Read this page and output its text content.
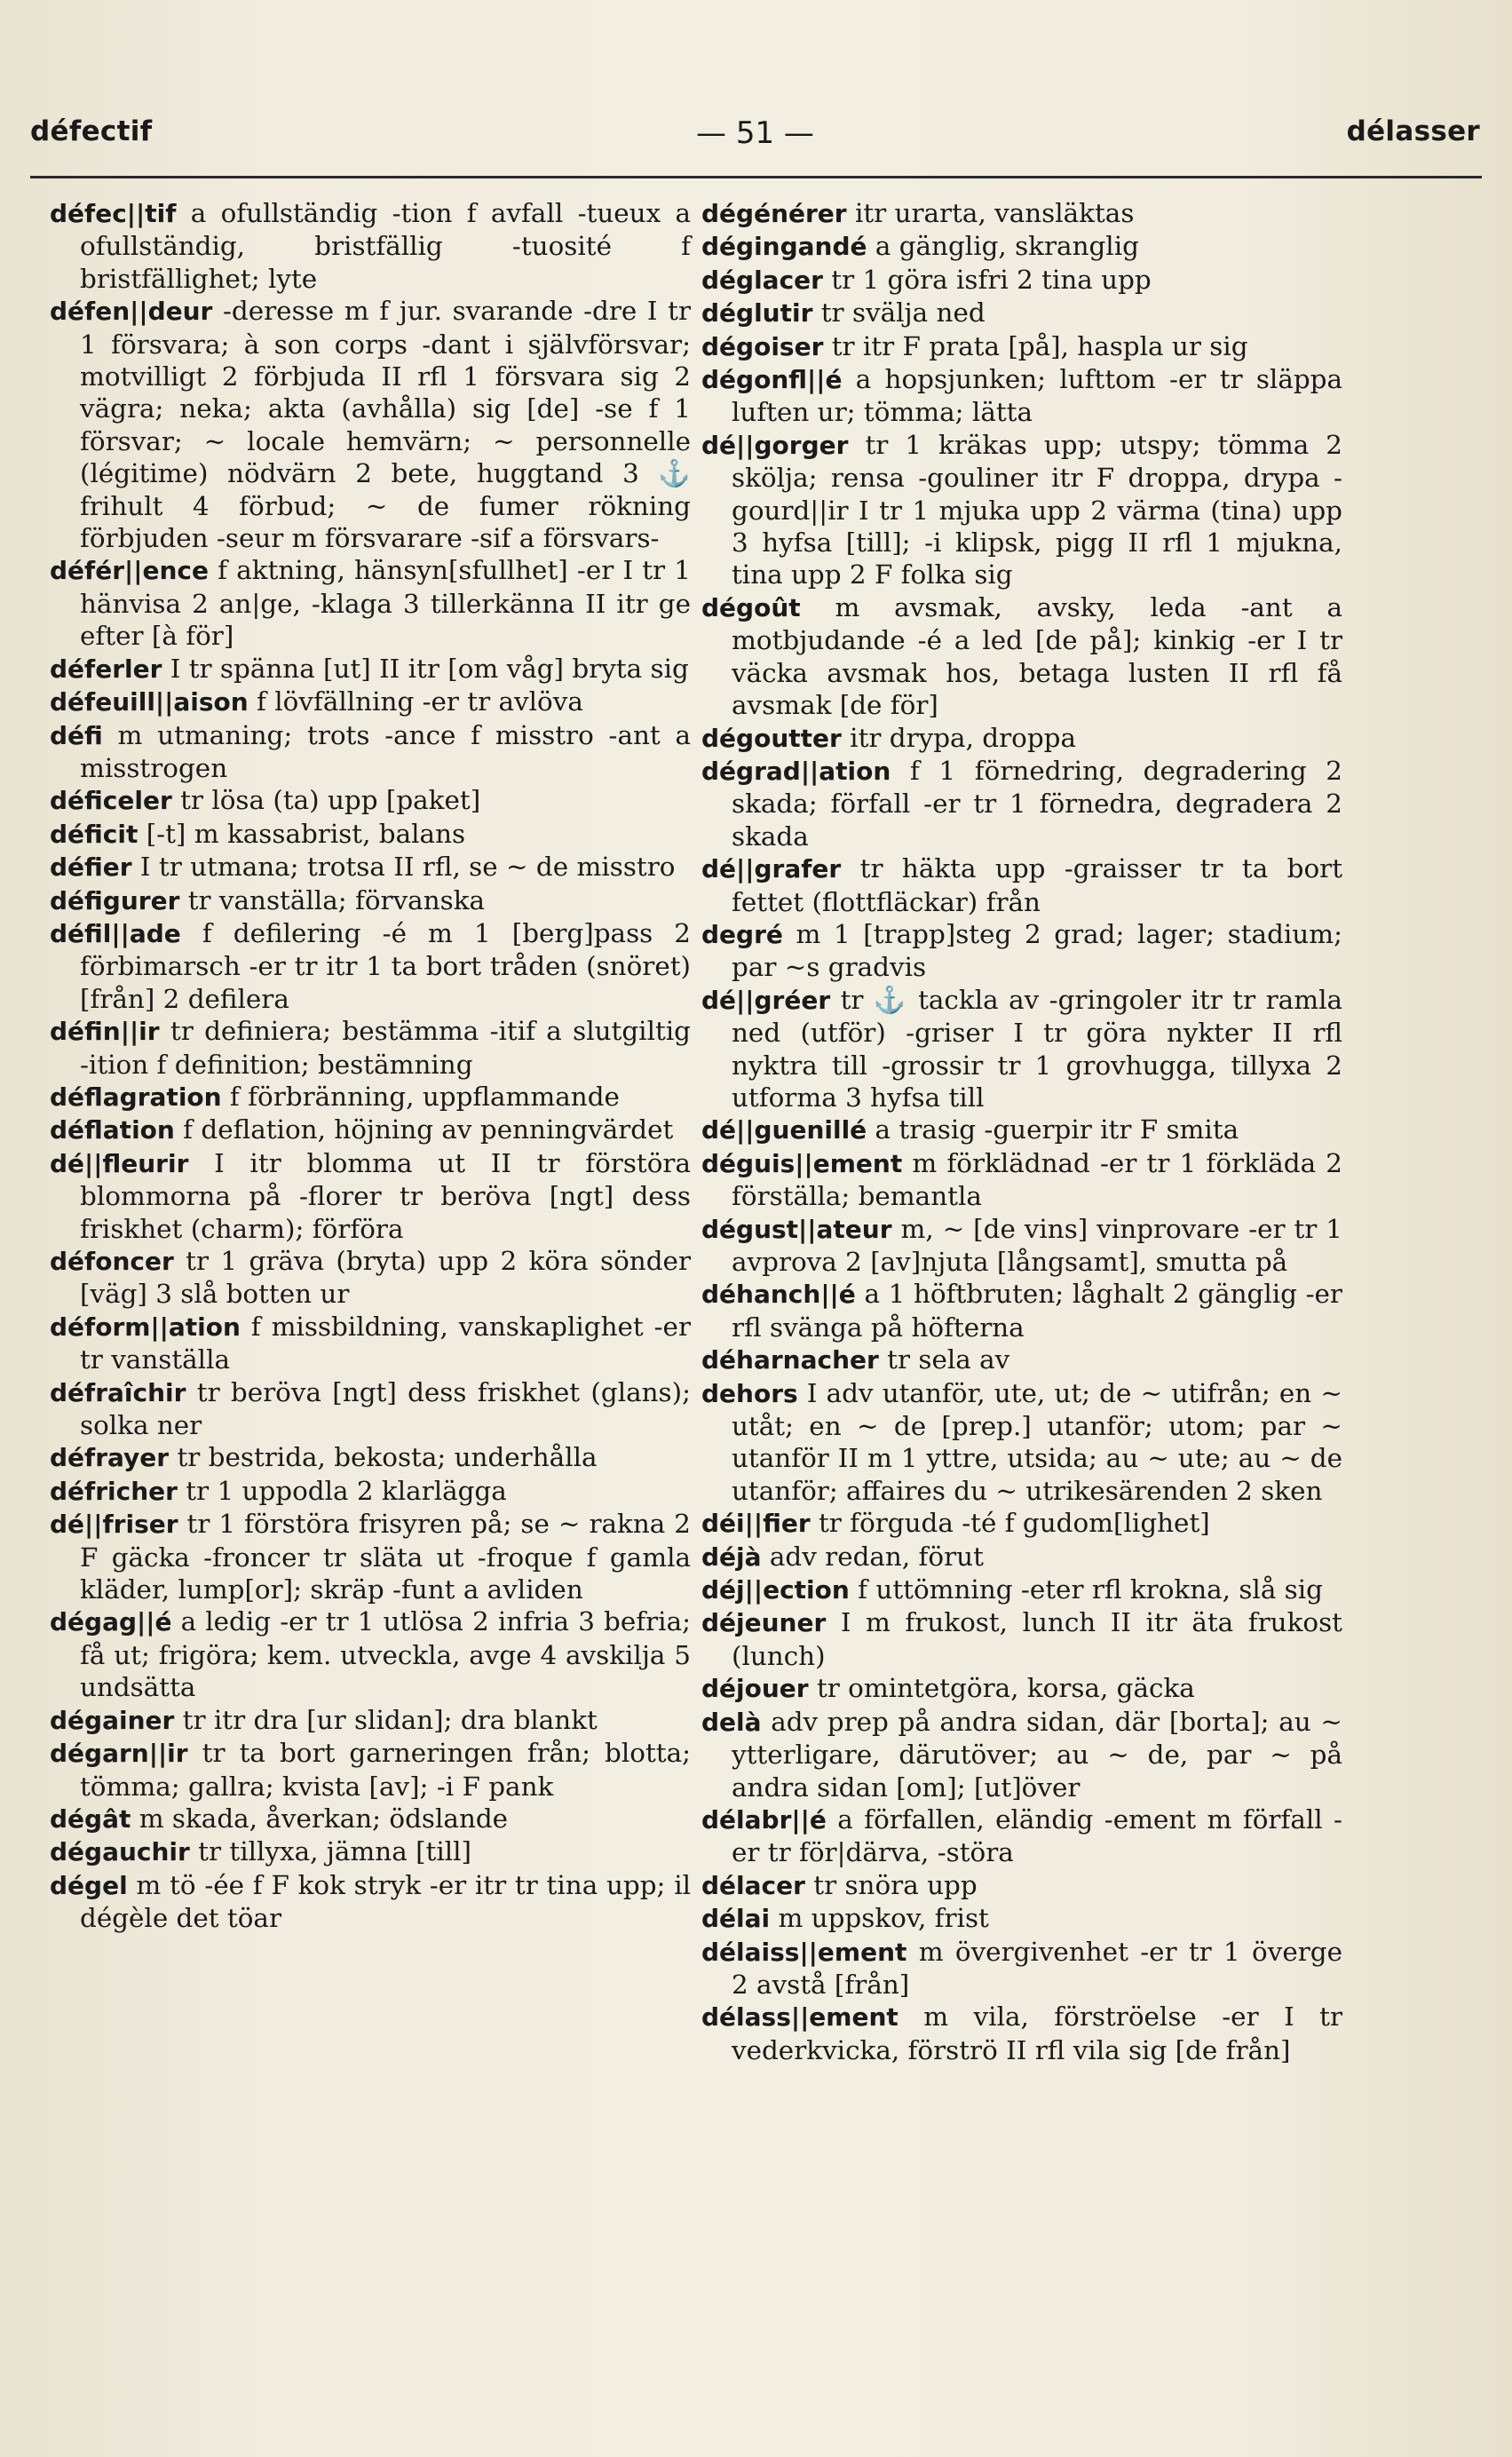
défectif	— 51 —	délasser

défec||tif a ofullständig -tion f avfall -tueux a ofullständig, bristfällig -tuosité f bristfällighet; lyte

défen||deur -deresse m f jur. svarande -dre I tr 1 försvara; à son corps -dant i självförsvar; motvilligt 2 förbjuda II rfl 1 försvara sig 2 vägra; neka; akta (avhålla) sig [de] -se f 1 försvar; ~ locale hemvärn; ~ personnelle (légitime) nödvärn 2 bete, huggtand 3 ⚓ frihult 4 förbud; ~ de fumer rökning förbjuden -seur m försvarare -sif a försvars-

défér||ence f aktning, hänsyn[sfullhet] -er I tr 1 hänvisa 2 an|ge, -klaga 3 tillerkänna II itr ge efter [à för]

déferler I tr spänna [ut] II itr [om våg] bryta sig

défeuill||aison f lövfällning -er tr avlöva

défi m utmaning; trots -ance f misstro -ant a misstrogen

déficeler tr lösa (ta) upp [paket]

déficit [-t] m kassabrist, balans

défier I tr utmana; trotsa II rfl, se ~ de misstro

défigurer tr vanställa; förvanska

défil||ade f defilering -é m 1 [berg]pass 2 förbimarsch -er tr itr 1 ta bort tråden (snöret) [från] 2 defilera

défin||ir tr definiera; bestämma -itif a slutgiltig -ition f definition; bestämning

déflagration f förbränning, uppflammande

déflation f deflation, höjning av penningvärdet

dé||fleurir I itr blomma ut II tr förstöra blommorna på -florer tr beröva [ngt] dess friskhet (charm); förföra

défoncer tr 1 gräva (bryta) upp 2 köra sönder [väg] 3 slå botten ur

déform||ation f missbildning, vanskaplighet -er tr vanställa

défraîchir tr beröva [ngt] dess friskhet (glans); solka ner

défrayer tr bestrida, bekosta; underhålla

défricher tr 1 uppodla 2 klarlägga

dé||friser tr 1 förstöra frisyren på; se ~ rakna 2 F gäcka -froncer tr släta ut -froque f gamla kläder, lump[or]; skräp -funt a avliden

dégag||é a ledig -er tr 1 utlösa 2 infria 3 befria; få ut; frigöra; kem. utveckla, avge 4 avskilja 5 undsätta

dégainer tr itr dra [ur slidan]; dra blankt

dégarn||ir tr ta bort garneringen från; blotta; tömma; gallra; kvista [av]; -i F pank

dégât m skada, åverkan; ödslande

dégauchir tr tillyxa, jämna [till]

dégel m tö -ée f F kok stryk -er itr tr tina upp; il dégèle det töar

dégénérer itr urarta, vansläktas

dégingandé a gänglig, skranglig

déglacer tr 1 göra isfri 2 tina upp

déglutir tr svälja ned

dégoiser tr itr F prata [på], haspla ur sig

dégonfl||é a hopsjunken; lufttom -er tr släppa luften ur; tömma; lätta

dé||gorger tr 1 kräkas upp; utspy; tömma 2 skölja; rensa -gouliner itr F droppa, drypa -gourd||ir I tr 1 mjuka upp 2 värma (tina) upp 3 hyfsa [till]; -i klipsk, pigg II rfl 1 mjukna, tina upp 2 F folka sig

dégoût m avsmak, avsky, leda -ant a motbjudande -é a led [de på]; kinkig -er I tr väcka avsmak hos, betaga lusten II rfl få avsmak [de för]

dégoutter itr drypa, droppa

dégrad||ation f 1 förnedring, degradering 2 skada; förfall -er tr 1 förnedra, degradera 2 skada

dé||grafer tr häkta upp -graisser tr ta bort fettet (flottfläckar) från

degré m 1 [trapp]steg 2 grad; lager; stadium; par ~s gradvis

dé||gréer tr ⚓ tackla av -gringoler itr tr ramla ned (utför) -griser I tr göra nykter II rfl nyktra till -grossir tr 1 grovhugga, tillyxa 2 utforma 3 hyfsa till

dé||guenillé a trasig -guerpir itr F smita

déguis||ement m förklädnad -er tr 1 förkläda 2 förställa; bemantla

dégust||ateur m, ~ [de vins] vinprovare -er tr 1 avprova 2 [av]njuta [långsamt], smutta på

déhanch||é a 1 höftbruten; låghalt 2 gänglig -er rfl svänga på höfterna

déharnacher tr sela av

dehors I adv utanför, ute, ut; de ~ utifrån; en ~ utåt; en ~ de [prep.] utanför; utom; par ~ utanför II m 1 yttre, utsida; au ~ ute; au ~ de utanför; affaires du ~ utrikesärenden 2 sken

déi||fier tr förguda -té f gudom[lighet]

déjà adv redan, förut

déj||ection f uttömning -eter rfl krokna, slå sig

déjeuner I m frukost, lunch II itr äta frukost (lunch)

déjouer tr omintetgöra, korsa, gäcka

delà adv prep på andra sidan, där [borta]; au ~ ytterligare, därutöver; au ~ de, par ~ på andra sidan [om]; [ut]över

délabr||é a förfallen, eländig -ement m förfall -er tr för|därva, -störa

délacer tr snöra upp

délai m uppskov, frist

délaiss||ement m övergivenhet -er tr 1 överge 2 avstå [från]

délass||ement m vila, förströelse -er I tr vederkvicka, förströ II rfl vila sig [de från]
